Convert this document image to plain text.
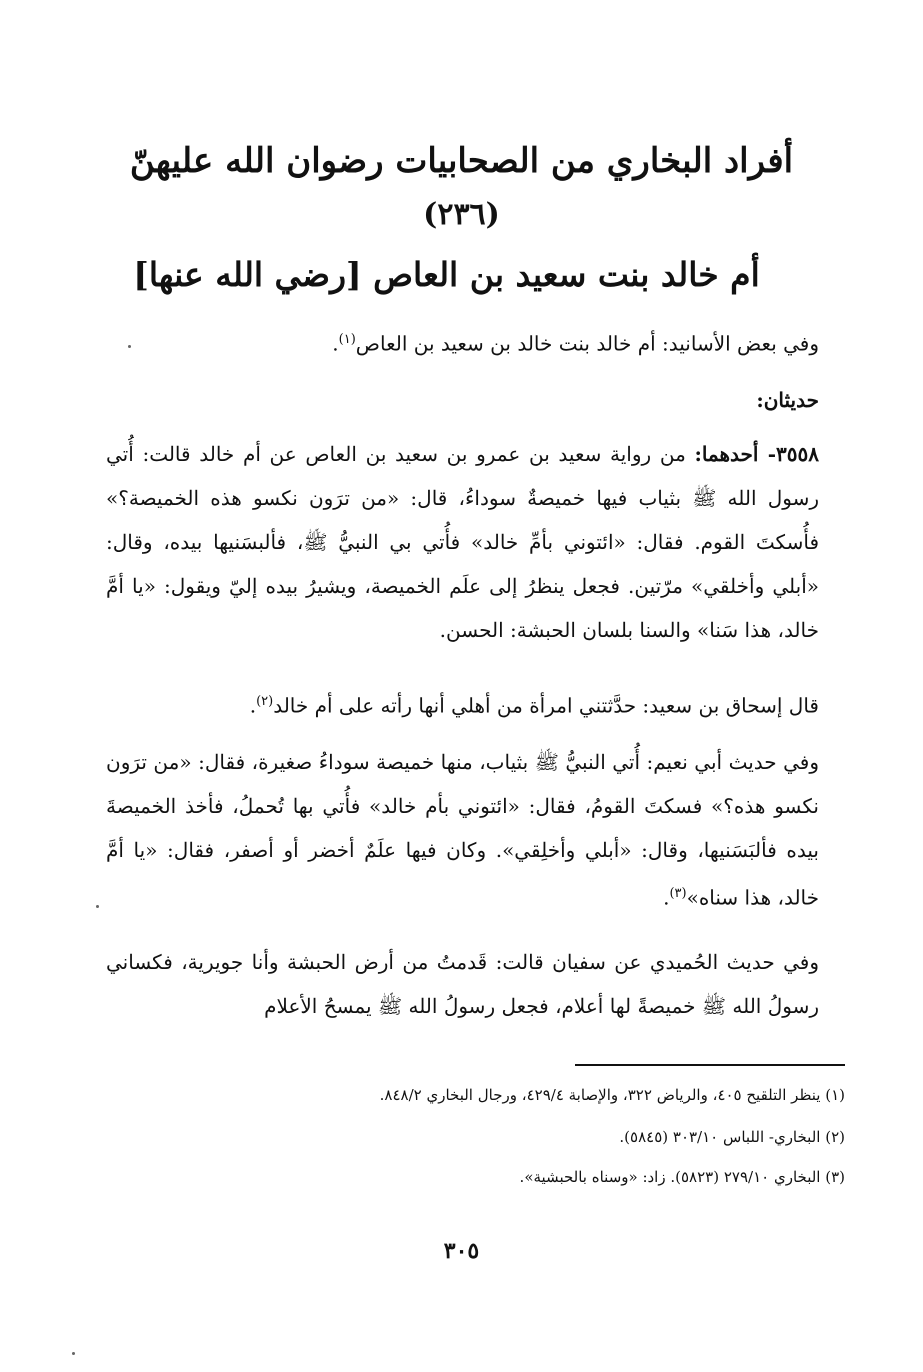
أفراد البخاري من الصحابيات رضوان الله عليهنّ
(٢٣٦)
أم خالد بنت سعيد بن العاص [رضي الله عنها]
وفي بعض الأسانيد: أم خالد بنت خالد بن سعيد بن العاص$^{(١)}$.
حديثان:
٣٥٥٨- أحدهما: من رواية سعيد بن عمرو بن سعيد بن العاص عن أم خالد قالت: أُتي رسول الله ﷺ بثياب فيها خميصةٌ سوداءُ، قال: «من ترَون نكسو هذه الخميصة؟» فأُسكتَ القوم. فقال: «ائتوني بأمِّ خالد» فأُتي بي النبيُّ ﷺ، فألبسَنيها بيده، وقال: «أبلي وأخلقي» مرّتين. فجعل ينظرُ إلى علَم الخميصة، ويشيرُ بيده إليّ ويقول: «يا أمَّ خالد، هذا سَنا» والسنا بلسان الحبشة: الحسن.
قال إسحاق بن سعيد: حدَّثتني امرأة من أهلي أنها رأته على أم خالد$^{(٢)}$.
وفي حديث أبي نعيم: أُتي النبيُّ ﷺ بثياب، منها خميصة سوداءُ صغيرة، فقال: «من ترَون نكسو هذه؟» فسكتَ القومُ، فقال: «ائتوني بأم خالد» فأُتي بها تُحملُ، فأخذ الخميصةَ بيده فألبَسَنيها، وقال: «أبلي وأخلِقي». وكان فيها علَمٌ أخضر أو أصفر، فقال: «يا أمَّ خالد، هذا سناه»$^{(٣)}$.
وفي حديث الحُميدي عن سفيان قالت: قَدمتُ من أرض الحبشة وأنا جويرية، فكساني رسولُ الله ﷺ خميصةً لها أعلام، فجعل رسولُ الله ﷺ يمسحُ الأعلام
(١) ينظر التلقيح ٤٠٥، والرياض ٣٢٢، والإصابة ٤٢٩/٤، ورجال البخاري ٨٤٨/٢.
(٢) البخاري- اللباس ٣٠٣/١٠ (٥٨٤٥).
(٣) البخاري ٢٧٩/١٠ (٥٨٢٣). زاد: «وسناه بالحبشية».
٣٠٥
